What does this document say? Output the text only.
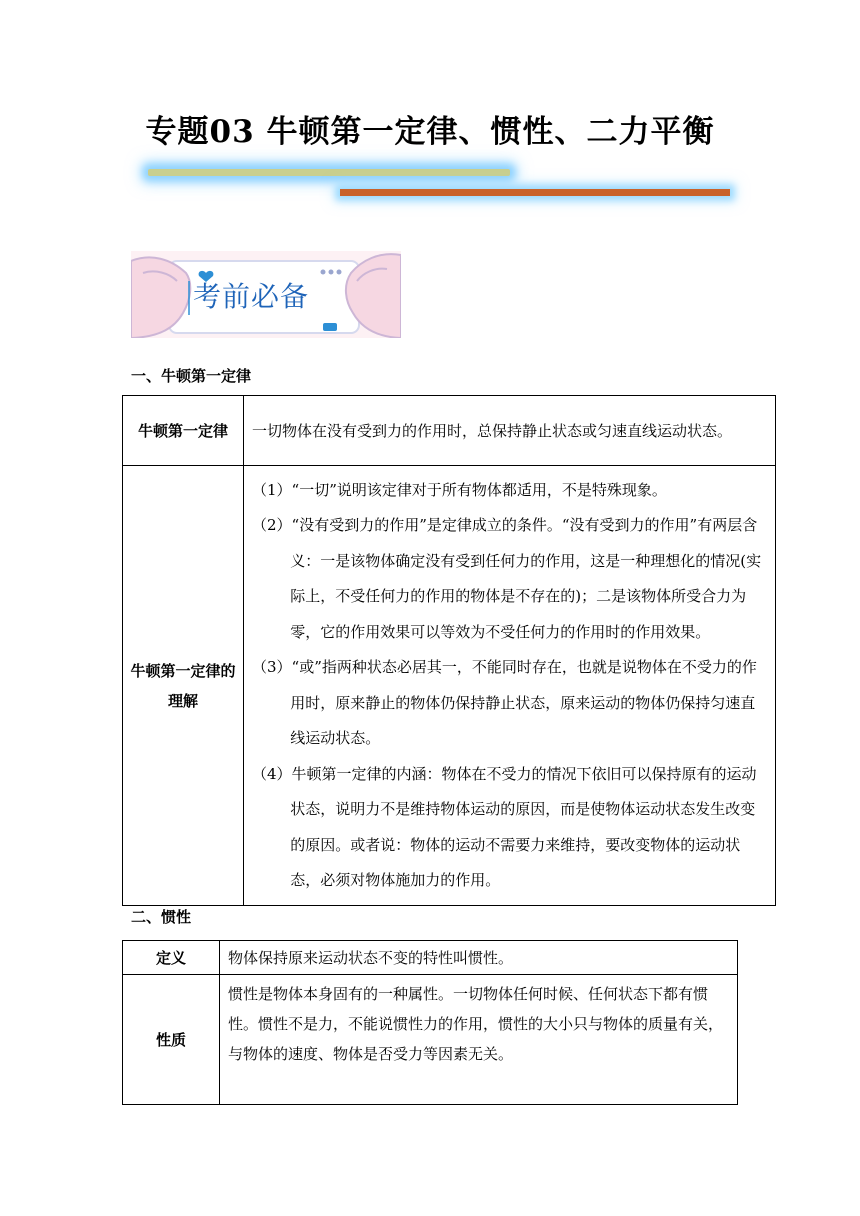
专题03 牛顿第一定律、惯性、二力平衡
考前必备
一、牛顿第一定律
牛顿第一定律	一切物体在没有受到力的作用时，总保持静止状态或匀速直线运动状态。
牛顿第一定律的理解	（1）“一切”说明该定律对于所有物体都适用，不是特殊现象。
（2）“没有受到力的作用”是定律成立的条件。“没有受到力的作用”有两层含义：一是该物体确定没有受到任何力的作用，这是一种理想化的情况(实际上，不受任何力的作用的物体是不存在的)；二是该物体所受合力为零，它的作用效果可以等效为不受任何力的作用时的作用效果。
（3）“或”指两种状态必居其一，不能同时存在，也就是说物体在不受力的作用时，原来静止的物体仍保持静止状态，原来运动的物体仍保持匀速直线运动状态。
（4）牛顿第一定律的内涵：物体在不受力的情况下依旧可以保持原有的运动状态，说明力不是维持物体运动的原因，而是使物体运动状态发生改变的原因。或者说：物体的运动不需要力来维持，要改变物体的运动状态，必须对物体施加力的作用。
二、惯性
定义	物体保持原来运动状态不变的特性叫惯性。
性质	惯性是物体本身固有的一种属性。一切物体任何时候、任何状态下都有惯性。惯性不是力，不能说惯性力的作用，惯性的大小只与物体的质量有关，与物体的速度、物体是否受力等因素无关。
